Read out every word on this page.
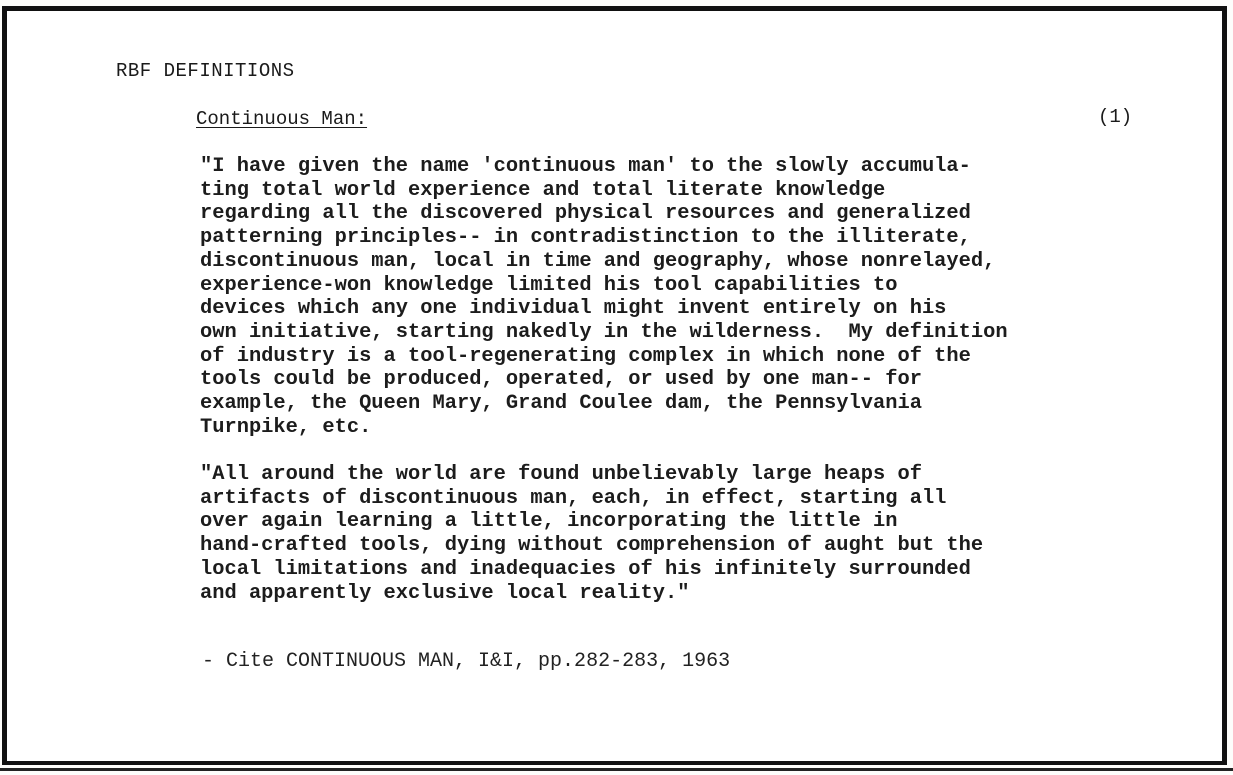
RBF DEFINITIONS
Continuous Man:	(1)
"I have given the name 'continuous man' to the slowly accumula-
ting total world experience and total literate knowledge
regarding all the discovered physical resources and generalized
patterning principles-- in contradistinction to the illiterate,
discontinuous man, local in time and geography, whose nonrelayed,
experience-won knowledge limited his tool capabilities to
devices which any one individual might invent entirely on his
own initiative, starting nakedly in the wilderness.  My definition
of industry is a tool-regenerating complex in which none of the
tools could be produced, operated, or used by one man-- for
example, the Queen Mary, Grand Coulee dam, the Pennsylvania
Turnpike, etc.
"All around the world are found unbelievably large heaps of
artifacts of discontinuous man, each, in effect, starting all
over again learning a little, incorporating the little in
hand-crafted tools, dying without comprehension of aught but the
local limitations and inadequacies of his infinitely surrounded
and apparently exclusive local reality."
- Cite CONTINUOUS MAN, I&I, pp.282-283, 1963
